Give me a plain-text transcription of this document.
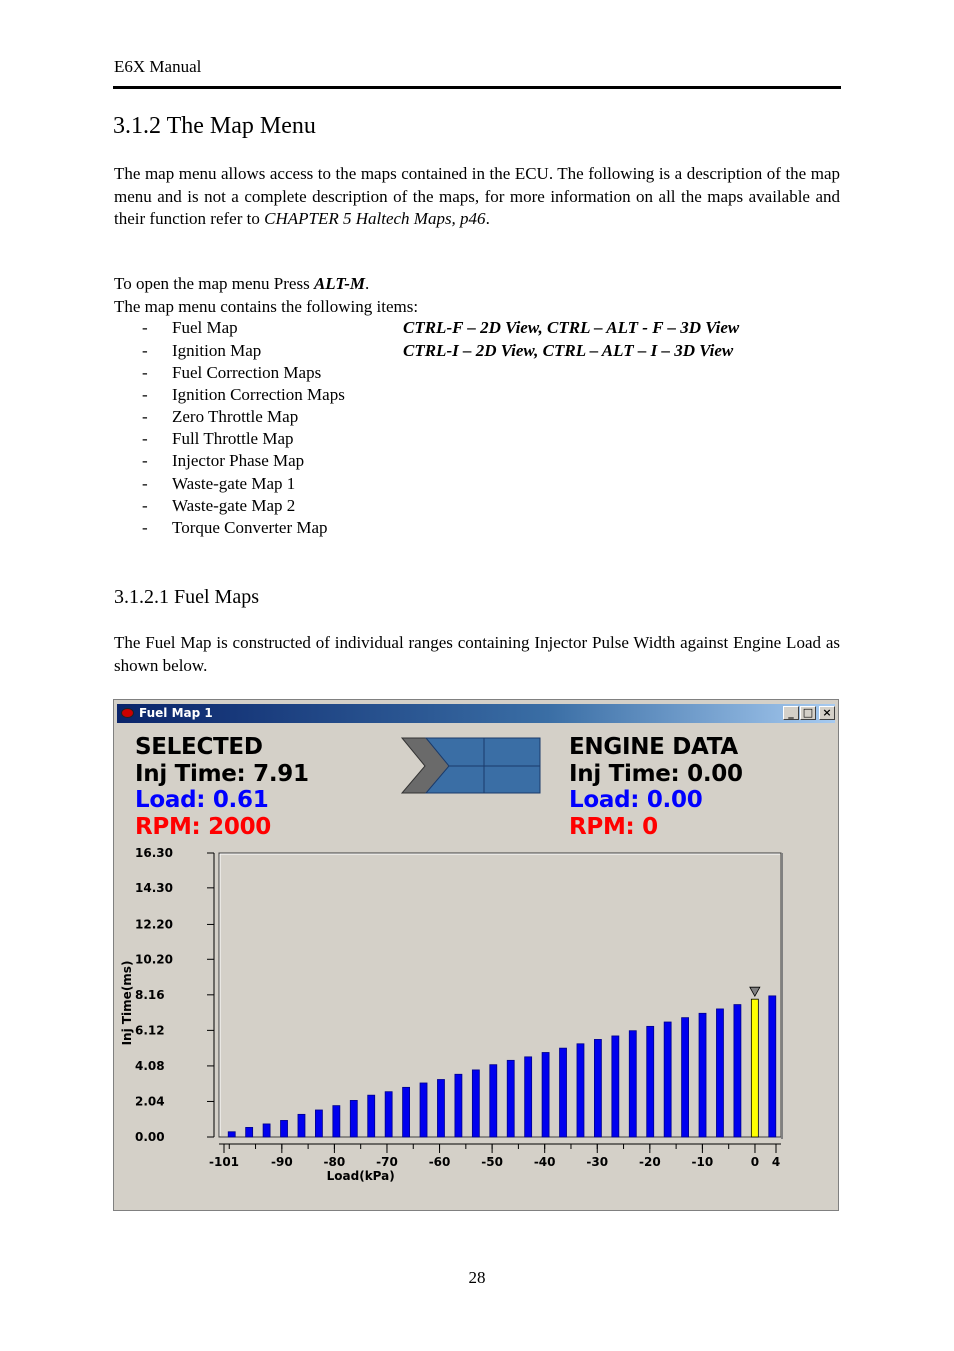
E6X Manual
3.1.2 The Map Menu
The map menu allows access to the maps contained in the ECU. The following is a description of the map menu and is not a complete description of the maps, for more information on all the maps available and their function refer to CHAPTER 5 Haltech Maps, p46.
To open the map menu Press ALT-M.
The map menu contains the following items:
- Fuel Map	CTRL-F – 2D View, CTRL – ALT - F – 3D View
- Ignition Map	CTRL-I – 2D View, CTRL – ALT – I – 3D View
- Fuel Correction Maps
- Ignition Correction Maps
- Zero Throttle Map
- Full Throttle Map
- Injector Phase Map
- Waste-gate Map 1
- Waste-gate Map 2
- Torque Converter Map
3.1.2.1 Fuel Maps
The Fuel Map is constructed of individual ranges containing Injector Pulse Width against Engine Load as shown below.
Fuel Map 1	_ □ ×
SELECTED
Inj Time: 7.91
Load: 0.61
RPM: 2000
ENGINE DATA
Inj Time: 0.00
Load: 0.00
RPM: 0
16.30
14.30
12.20
10.20
8.16
6.12
4.08
2.04
0.00
Inj Time(ms)
-101	-90	-80	-70	-60	-50	-40	-30	-20	-10	0 4
Load(kPa)
28
